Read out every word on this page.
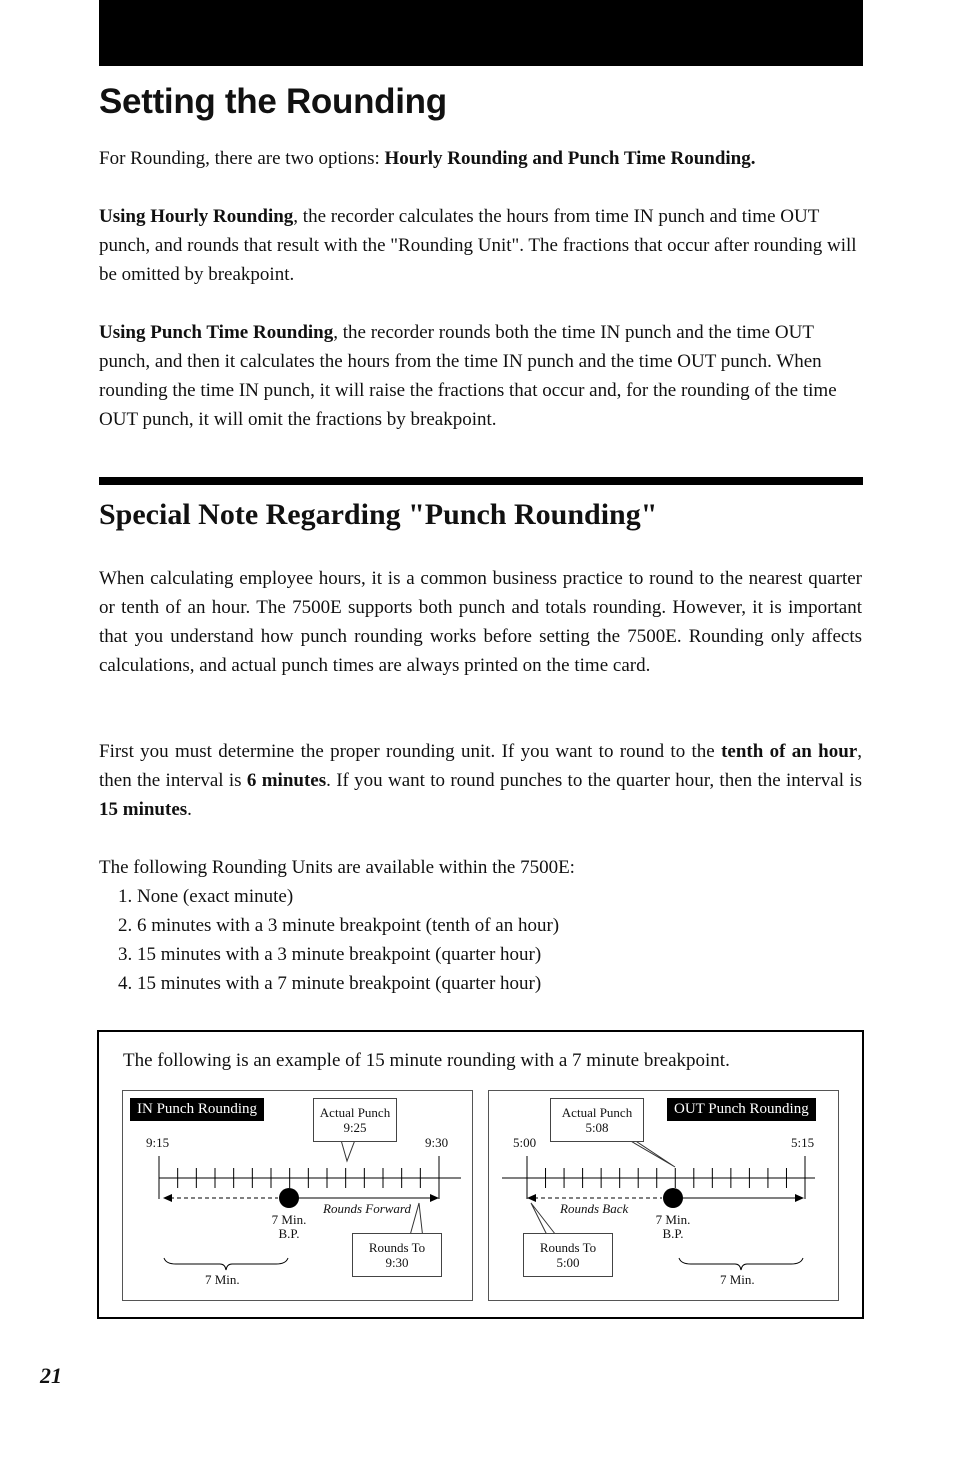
Setting the Rounding

For Rounding, there are two options: Hourly Rounding and Punch Time Rounding.

Using Hourly Rounding, the recorder calculates the hours from time IN punch and time OUT punch, and rounds that result with the "Rounding Unit". The fractions that occur after rounding will be omitted by breakpoint.

Using Punch Time Rounding, the recorder rounds both the time IN punch and the time OUT punch, and then it calculates the hours from the time IN punch and the time OUT punch. When rounding the time IN punch, it will raise the fractions that occur and, for the rounding of the time OUT punch, it will omit the fractions by breakpoint.

Special Note Regarding "Punch Rounding"

When calculating employee hours, it is a common business practice to round to the nearest quarter or tenth of an hour. The 7500E supports both punch and totals rounding. However, it is important that you understand how punch rounding works before setting the 7500E. Rounding only affects calculations, and actual punch times are always printed on the time card.

First you must determine the proper rounding unit. If you want to round to the tenth of an hour, then the interval is 6 minutes. If you want to round punches to the quarter hour, then the interval is 15 minutes.

The following Rounding Units are available within the 7500E:

1. None (exact minute)
2. 6 minutes with a 3 minute breakpoint (tenth of an hour)
3. 15 minutes with a 3 minute breakpoint (quarter hour)
4. 15 minutes with a 7 minute breakpoint (quarter hour)
The following is an example of 15 minute rounding with a 7 minute breakpoint.
IN Punch Rounding
9:15	9:30
Actual Punch
9:25
Rounds Forward
7 Min.
B.P.
Rounds To
9:30
7 Min.
OUT Punch Rounding
5:00	5:15
Actual Punch
5:08
Rounds Back
7 Min.
B.P.
Rounds To
5:00
7 Min.
21
